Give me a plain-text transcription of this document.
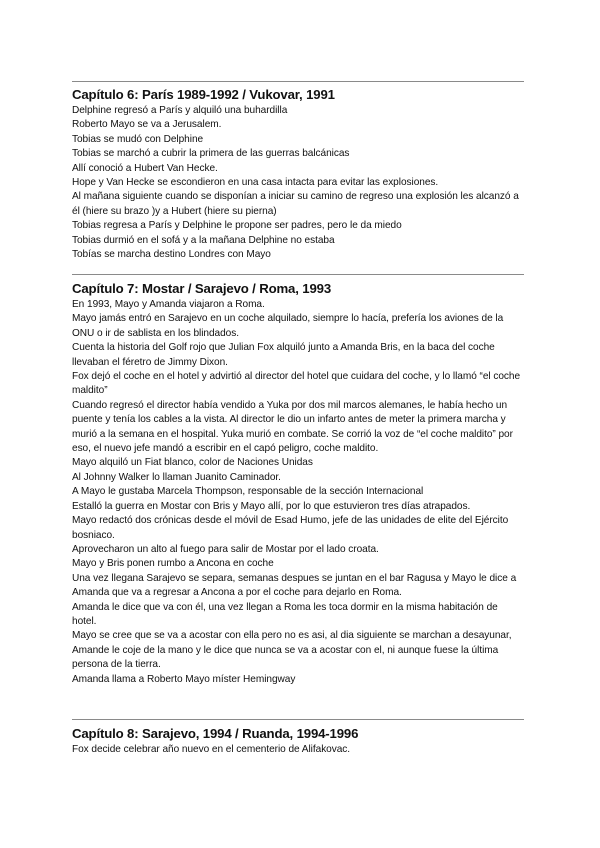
Capítulo 6: París 1989-1992 / Vukovar, 1991

Delphine regresó a París y alquiló una buhardilla

Roberto Mayo se va a Jerusalem.

Tobias se mudó con Delphine

Tobias se marchó a cubrir la primera de las guerras balcánicas

Allí conoció a Hubert Van Hecke.

Hope y Van Hecke se escondieron en una casa intacta para evitar las explosiones.

Al mañana siguiente cuando se disponían a iniciar su camino de regreso una explosión les alcanzó a él (hiere su brazo )y a Hubert (hiere su pierna)

Tobias regresa a París y Delphine le propone ser padres, pero le da miedo

Tobias durmió en el sofá y a la mañana Delphine no estaba

Tobías se marcha destino Londres con Mayo

Capítulo 7: Mostar / Sarajevo / Roma, 1993

En 1993, Mayo y Amanda viajaron a Roma.

Mayo jamás entró en Sarajevo en un coche alquilado, siempre lo hacía, prefería los aviones de la ONU o ir de sablista en los blindados.

Cuenta la historia del Golf rojo que Julian Fox alquiló junto a Amanda Bris, en la baca del coche llevaban el féretro de Jimmy Dixon.

Fox dejó el coche en el hotel y advirtió al director del hotel que cuidara del coche, y lo llamó “el coche maldito”

Cuando regresó el director había vendido a Yuka por dos mil marcos alemanes, le había hecho un puente y tenía los cables a la vista. Al director le dio un infarto antes de meter la primera marcha y murió a la semana en el hospital. Yuka murió en combate. Se corrió la voz de “el coche maldito” por eso, el nuevo jefe mandó a escribir en el capó peligro, coche maldito.

Mayo alquiló un Fiat blanco, color de Naciones Unidas

Al Johnny Walker lo llaman Juanito Caminador.

A Mayo le gustaba Marcela Thompson, responsable de la sección Internacional

Estalló la guerra en Mostar con Bris y Mayo allí, por lo que estuvieron tres días atrapados.

Mayo redactó dos crónicas desde el móvil de Esad Humo, jefe de las unidades de elite del Ejército bosniaco.

Aprovecharon un alto al fuego para salir de Mostar por el lado croata.

Mayo y Bris ponen rumbo a Ancona en coche

Una vez llegana Sarajevo se separa, semanas despues se juntan en el bar Ragusa y Mayo le dice a Amanda que va a regresar a Ancona a por el coche para dejarlo en Roma.

Amanda le dice que va con él, una vez llegan a Roma les toca dormir en la misma habitación de hotel.

Mayo se cree que se va a acostar con ella pero no es asi, al dia siguiente se marchan a desayunar, Amande le coje de la mano y le dice que nunca se va a acostar con el, ni aunque fuese la última persona de la tierra.

Amanda llama a Roberto Mayo míster Hemingway

Capítulo 8: Sarajevo, 1994 / Ruanda, 1994-1996

Fox decide celebrar año nuevo en el cementerio de Alifakovac.
